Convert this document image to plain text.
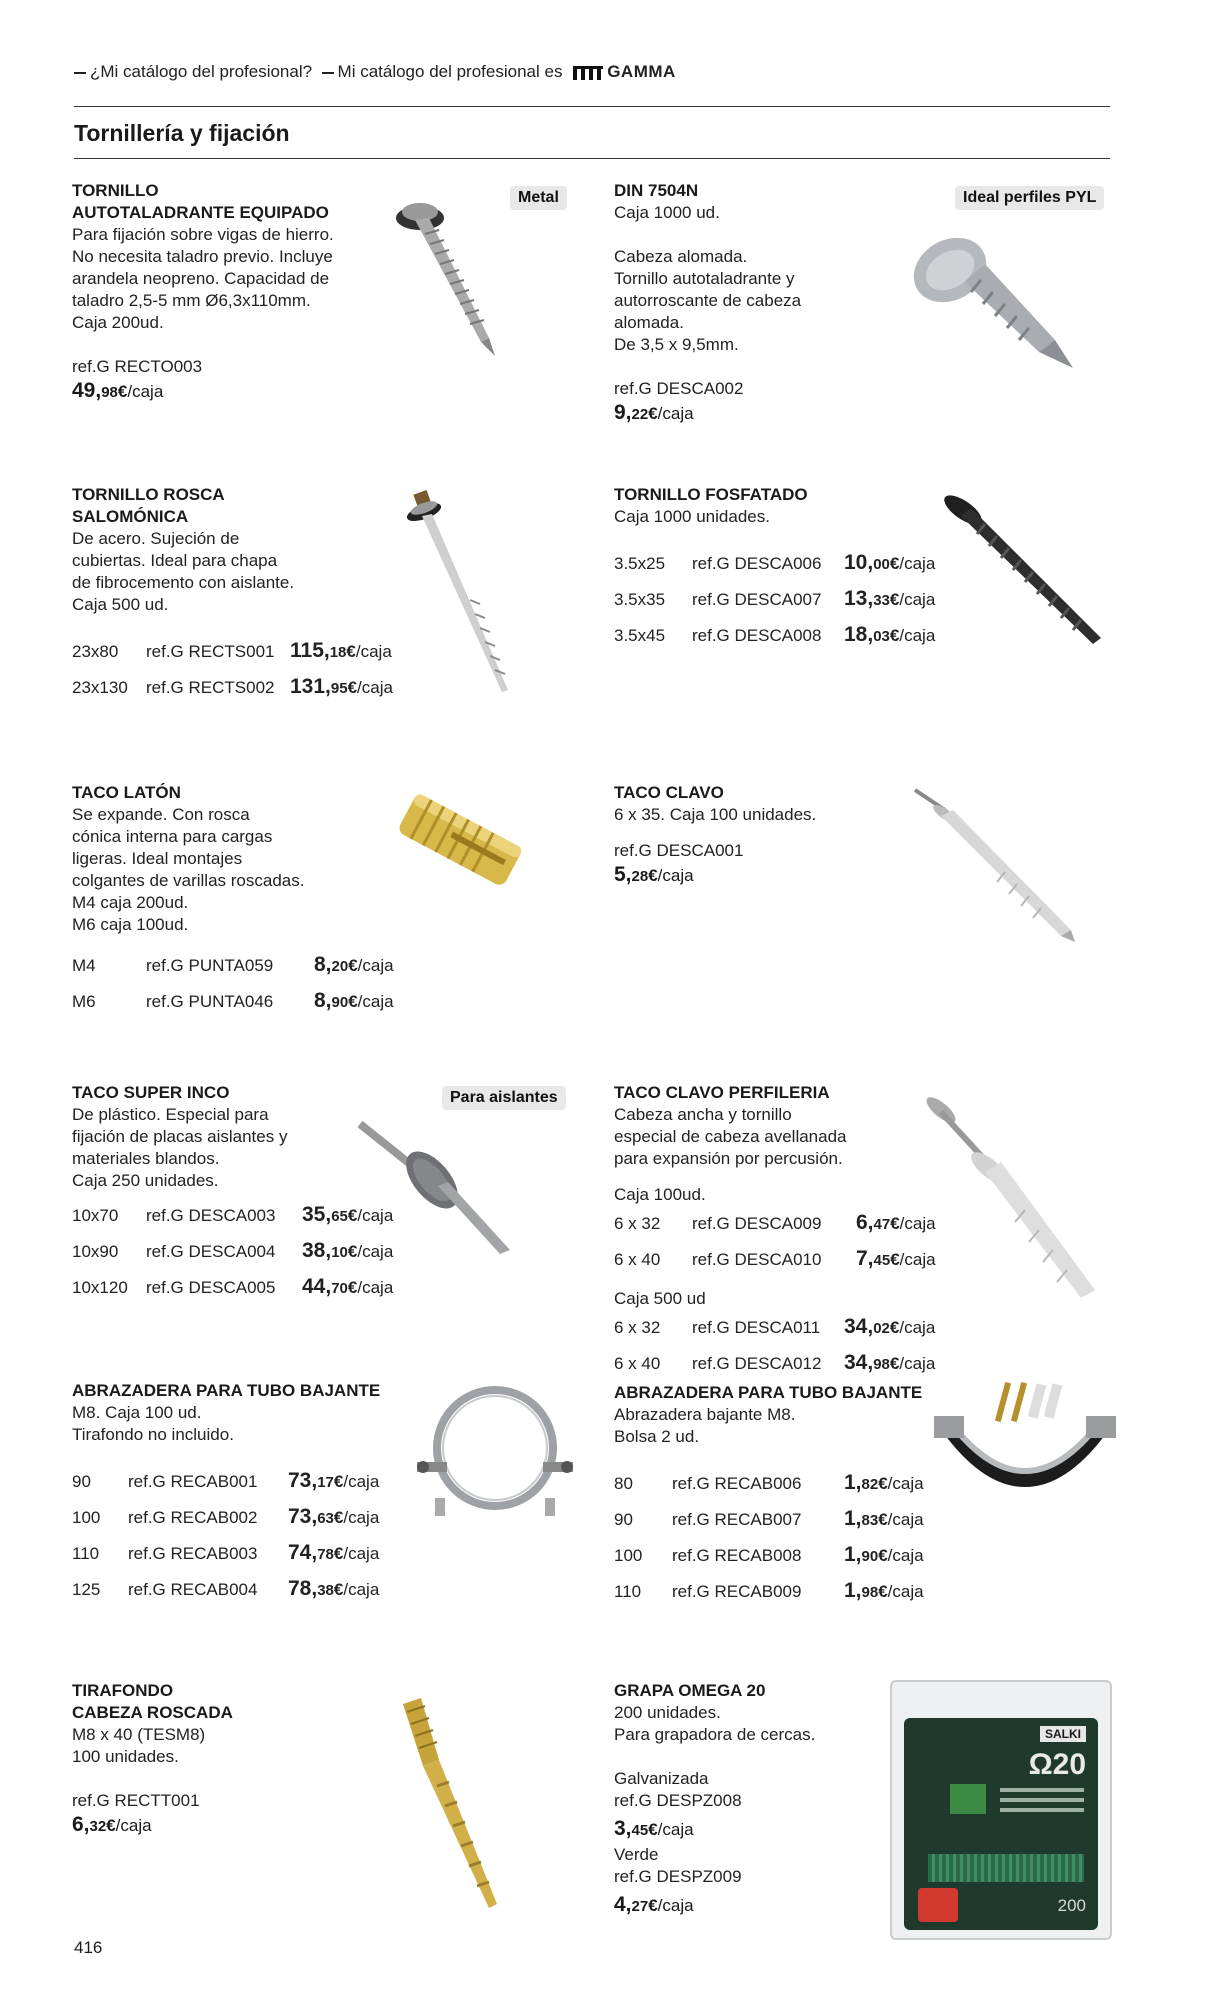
¿Mi catálogo del profesional? Mi catálogo del profesional es	GAMMA
Tornillería y fijación
TORNILLO
AUTOTALADRANTE EQUIPADO
Para fijación sobre vigas de hierro.
No necesita taladro previo. Incluye
arandela neopreno. Capacidad de
taladro 2,5-5 mm Ø6,3x110mm.
Caja 200ud.
ref.G RECTO003
49,98€/caja
Metal	DIN 7504N
Caja 1000 ud.
Cabeza alomada.
Tornillo autotaladrante y
autorroscante de cabeza
alomada.
De 3,5 x 9,5mm.
ref.G DESCA002
9,22€/caja
Ideal perfiles PYL
TORNILLO ROSCA
SALOMÓNICA
De acero. Sujeción de
cubiertas. Ideal para chapa
de fibrocemento con aislante.
Caja 500 ud.
23x80	ref.G RECTS001	115,18€/caja
23x130	ref.G RECTS002	131,95€/caja
TORNILLO FOSFATADO
Caja 1000 unidades.
3.5x25	ref.G DESCA006	10,00€/caja
3.5x35	ref.G DESCA007	13,33€/caja
3.5x45	ref.G DESCA008	18,03€/caja
TACO LATÓN
Se expande. Con rosca
cónica interna para cargas
ligeras. Ideal montajes
colgantes de varillas roscadas.
M4 caja 200ud.
M6 caja 100ud.
M4	ref.G PUNTA059	8,20€/caja
M6	ref.G PUNTA046	8,90€/caja
TACO CLAVO
6 x 35. Caja 100 unidades.
ref.G DESCA001
5,28€/caja
TACO SUPER INCO
De plástico. Especial para
fijación de placas aislantes y
materiales blandos.
Caja 250 unidades.
10x70	ref.G DESCA003	35,65€/caja
10x90	ref.G DESCA004	38,10€/caja
10x120	ref.G DESCA005	44,70€/caja
Para aislantes	TACO CLAVO PERFILERIA
Cabeza ancha y tornillo
especial de cabeza avellanada
para expansión por percusión.
Caja 100ud.
6 x 32	ref.G DESCA009	6,47€/caja
6 x 40	ref.G DESCA010	7,45€/caja
Caja 500 ud
6 x 32	ref.G DESCA011	34,02€/caja
6 x 40	ref.G DESCA012	34,98€/caja
ABRAZADERA PARA TUBO BAJANTE
M8. Caja 100 ud.
Tirafondo no incluido.
90	ref.G RECAB001	73,17€/caja
100	ref.G RECAB002	73,63€/caja
110	ref.G RECAB003	74,78€/caja
125	ref.G RECAB004	78,38€/caja
ABRAZADERA PARA TUBO BAJANTE
Abrazadera bajante M8.
Bolsa 2 ud.
80	ref.G RECAB006	1,82€/caja
90	ref.G RECAB007	1,83€/caja
100	ref.G RECAB008	1,90€/caja
110	ref.G RECAB009	1,98€/caja
TIRAFONDO
CABEZA ROSCADA
M8 x 40 (TESM8)
100 unidades.
ref.G RECTT001
6,32€/caja
GRAPA OMEGA 20
200 unidades.
Para grapadora de cercas.
Galvanizada
ref.G DESPZ008
3,45€/caja
Verde
ref.G DESPZ009
4,27€/caja
SALKI
Ω20
200
416
